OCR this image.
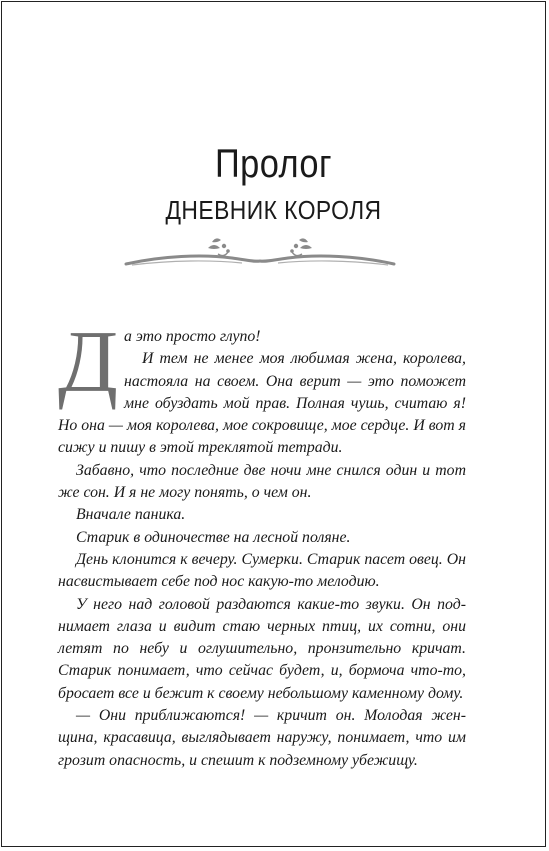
Пролог
ДНЕВНИК КОРОЛЯ

Да это просто глупо!

И тем не менее моя любимая жена, королева, настояла на своем. Она верит — это поможет мне обуздать мой прав. Полная чушь, считаю я! Но она — моя королева, мое сокровище, мое сердце. И вот я сижу и пишу в этой треклятой тетради.

Забавно, что последние две ночи мне снился один и тот же сон. И я не могу понять, о чем он.

Вначале паника.

Старик в одиночестве на лесной поляне.

День клонится к вечеру. Сумерки. Старик пасет овец. Он насвистывает себе под нос какую-то мелодию.

У него над головой раздаются какие-то звуки. Он поднимает глаза и видит стаю черных птиц, их сотни, они летят по небу и оглушительно, пронзительно кричат. Старик понимает, что сейчас будет, и, бормоча что-то, бросает все и бежит к своему небольшому каменному дому.

— Они приближаются! — кричит он. Молодая женщина, красавица, выглядывает наружу, понимает, что им грозит опасность, и спешит к подземному убежищу.
